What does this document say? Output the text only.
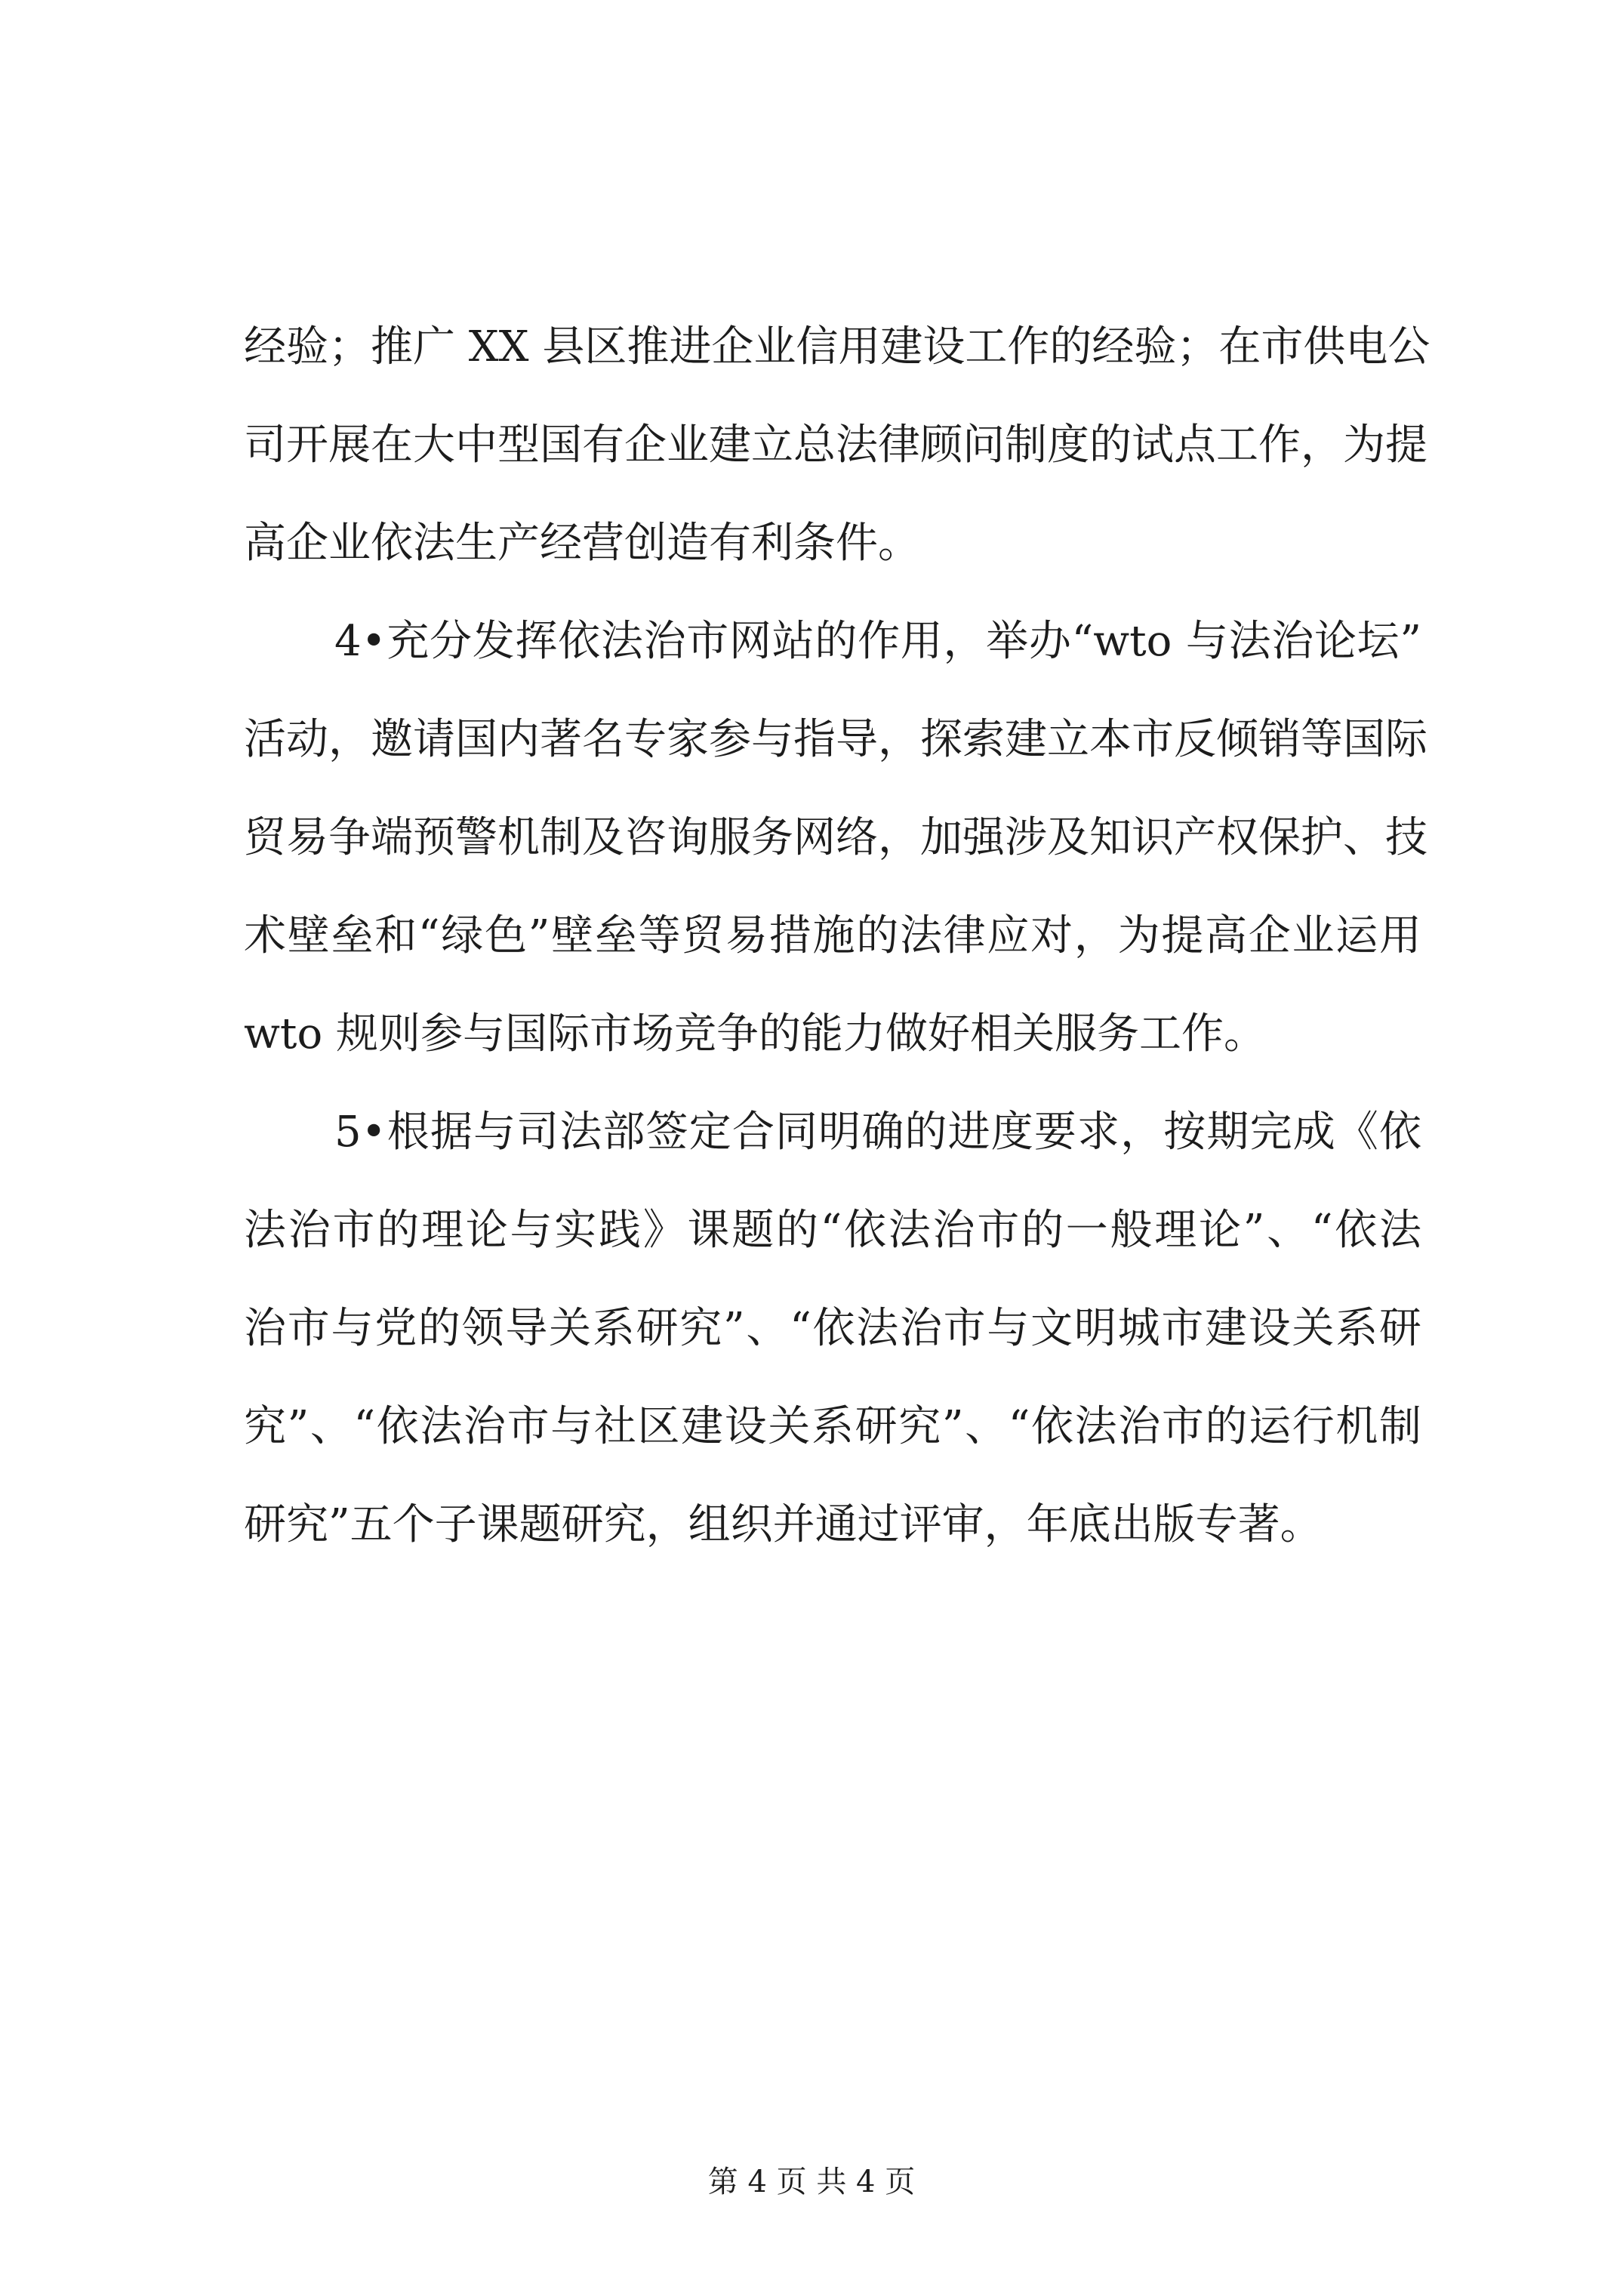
经验；推广 XX 县区推进企业信用建设工作的经验；在市供电公
司开展在大中型国有企业建立总法律顾问制度的试点工作，为提
高企业依法生产经营创造有利条件。
4•充分发挥依法治市网站的作用，举办“wto 与法治论坛”
活动，邀请国内著名专家参与指导，探索建立本市反倾销等国际
贸易争端预警机制及咨询服务网络，加强涉及知识产权保护、技
术壁垒和“绿色”壁垒等贸易措施的法律应对，为提高企业运用
wto 规则参与国际市场竞争的能力做好相关服务工作。
5•根据与司法部签定合同明确的进度要求，按期完成《依
法治市的理论与实践》课题的“依法治市的一般理论”、“依法
治市与党的领导关系研究”、“依法治市与文明城市建设关系研
究”、“依法治市与社区建设关系研究”、“依法治市的运行机制
研究”五个子课题研究，组织并通过评审，年底出版专著。
第 4 页 共 4 页
